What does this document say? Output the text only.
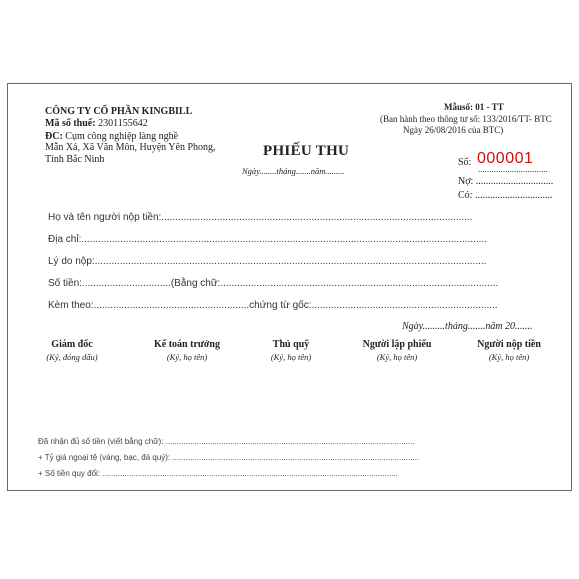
CÔNG TY CỔ PHẦN KINGBILL
Mã số thuế: 2301155642
ĐC: Cụm công nghiệp làng nghề
Mẫn Xá, Xã Văn Môn, Huyện Yên Phong,
Tỉnh Bắc Ninh
Mẫusố: 01 - TT
(Ban hành theo thông tư số: 133/2016/TT- BTC
Ngày 26/08/2016 của BTC)
PHIẾU THU
Ngày........tháng.......năm.........
Số: 000001
...............................
Nợ: ...............................
Có: ...............................
Họ và tên người nộp tiền:................................................................................................................
Địa chỉ:..................................................................................................................................................
Lý do nộp:.............................................................................................................................................
Số tiền:................................(Bằng chữ:....................................................................................................
Kèm theo:........................................................chứng từ gốc:...................................................................
Ngày.........tháng.......năm 20.......
Giám đốc
(Ký, đóng dấu)
Kế toán trưởng
(Ký, họ tên)
Thủ quỹ
(Ký, họ tên)
Người lập phiếu
(Ký, họ tên)
Người nộp tiền
(Ký, họ tên)
Đã nhận đủ số tiền (viết bằng chữ): ................................................................................................................
+ Tỷ giá ngoại tệ (vàng, bạc, đá quý): ...............................................................................................................
+ Số tiền quy đổi: .....................................................................................................................................
